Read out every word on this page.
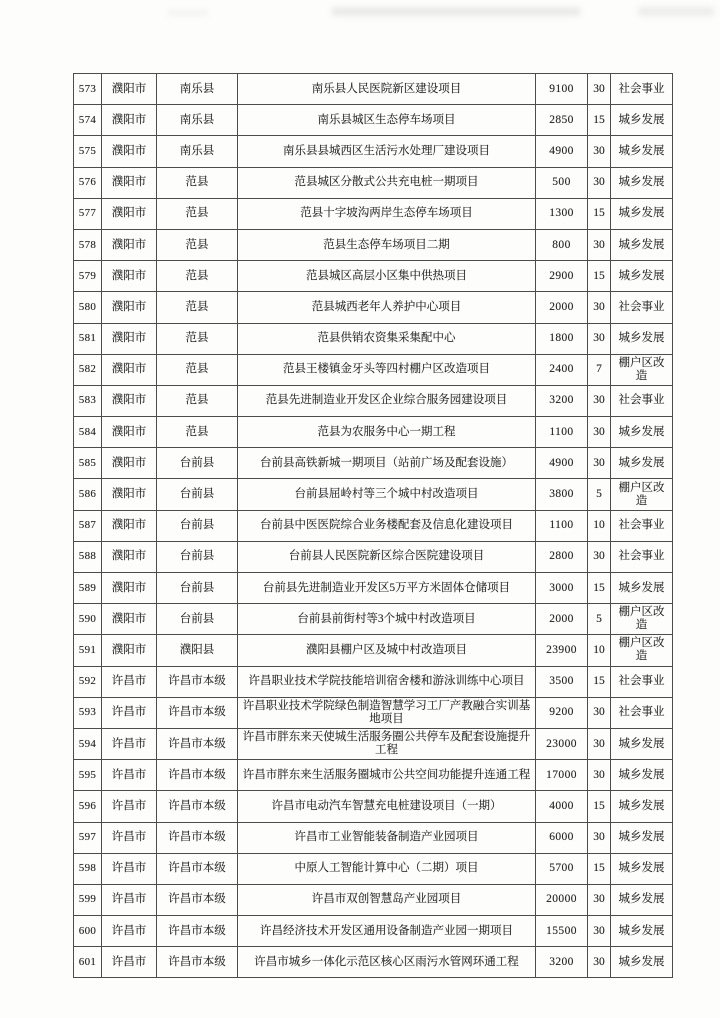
573	濮阳市	南乐县	南乐县人民医院新区建设项目	9100	30	社会事业
574	濮阳市	南乐县	南乐县城区生态停车场项目	2850	15	城乡发展
575	濮阳市	南乐县	南乐县县城西区生活污水处理厂建设项目	4900	30	城乡发展
576	濮阳市	范县	范县城区分散式公共充电桩一期项目	500	30	城乡发展
577	濮阳市	范县	范县十字坡沟两岸生态停车场项目	1300	15	城乡发展
578	濮阳市	范县	范县生态停车场项目二期	800	30	城乡发展
579	濮阳市	范县	范县城区高层小区集中供热项目	2900	15	城乡发展
580	濮阳市	范县	范县城西老年人养护中心项目	2000	30	社会事业
581	濮阳市	范县	范县供销农资集采集配中心	1800	30	城乡发展
582	濮阳市	范县	范县王楼镇金牙头等四村棚户区改造项目	2400	7	棚户区改造
583	濮阳市	范县	范县先进制造业开发区企业综合服务园建设项目	3200	30	社会事业
584	濮阳市	范县	范县为农服务中心一期工程	1100	30	城乡发展
585	濮阳市	台前县	台前县高铁新城一期项目（站前广场及配套设施）	4900	30	城乡发展
586	濮阳市	台前县	台前县屈岭村等三个城中村改造项目	3800	5	棚户区改造
587	濮阳市	台前县	台前县中医医院综合业务楼配套及信息化建设项目	1100	10	社会事业
588	濮阳市	台前县	台前县人民医院新区综合医院建设项目	2800	30	社会事业
589	濮阳市	台前县	台前县先进制造业开发区5万平方米固体仓储项目	3000	15	城乡发展
590	濮阳市	台前县	台前县前街村等3个城中村改造项目	2000	5	棚户区改造
591	濮阳市	濮阳县	濮阳县棚户区及城中村改造项目	23900	10	棚户区改造
592	许昌市	许昌市本级	许昌职业技术学院技能培训宿舍楼和游泳训练中心项目	3500	15	社会事业
593	许昌市	许昌市本级	许昌职业技术学院绿色制造智慧学习工厂产教融合实训基地项目	9200	30	社会事业
594	许昌市	许昌市本级	许昌市胖东来天使城生活服务圈公共停车及配套设施提升工程	23000	30	城乡发展
595	许昌市	许昌市本级	许昌市胖东来生活服务圈城市公共空间功能提升连通工程	17000	30	城乡发展
596	许昌市	许昌市本级	许昌市电动汽车智慧充电桩建设项目（一期）	4000	15	城乡发展
597	许昌市	许昌市本级	许昌市工业智能装备制造产业园项目	6000	30	城乡发展
598	许昌市	许昌市本级	中原人工智能计算中心（二期）项目	5700	15	城乡发展
599	许昌市	许昌市本级	许昌市双创智慧岛产业园项目	20000	30	城乡发展
600	许昌市	许昌市本级	许昌经济技术开发区通用设备制造产业园一期项目	15500	30	城乡发展
601	许昌市	许昌市本级	许昌市城乡一体化示范区核心区雨污水管网环通工程	3200	30	城乡发展
